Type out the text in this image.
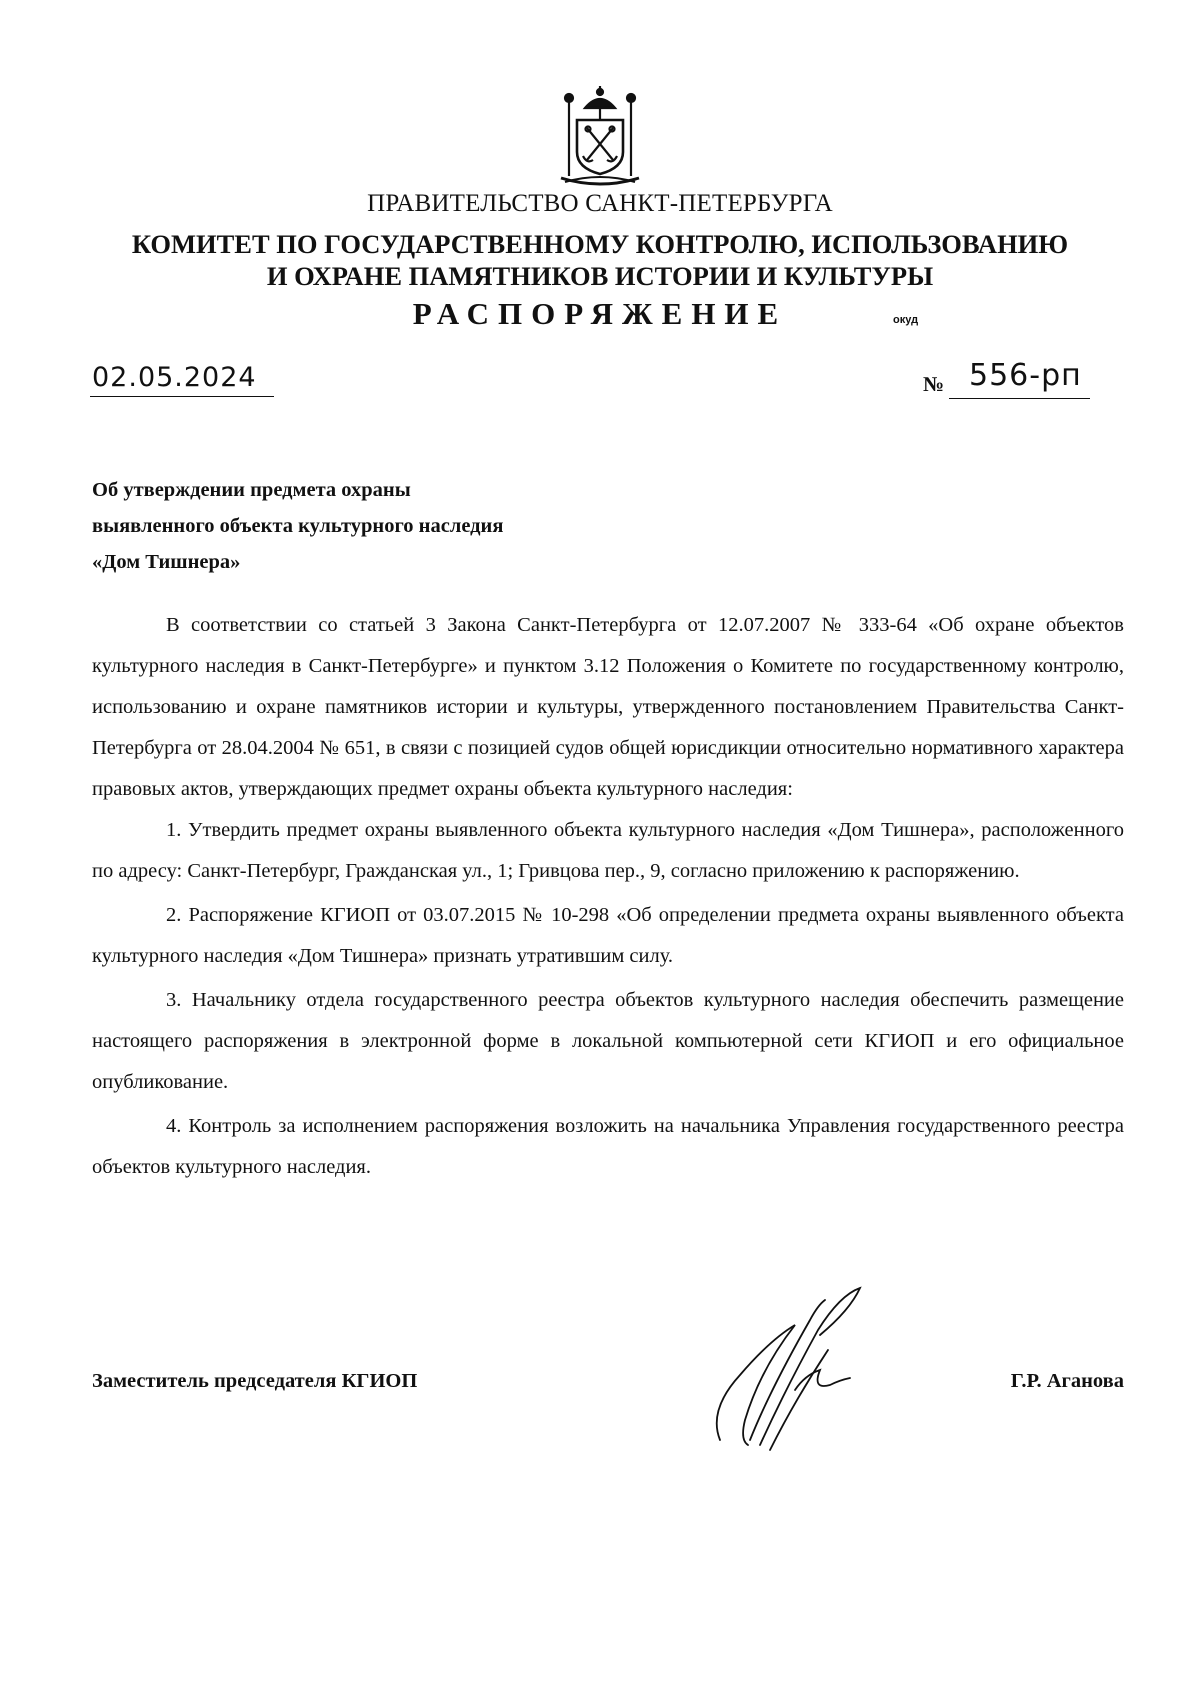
ПРАВИТЕЛЬСТВО САНКТ-ПЕТЕРБУРГА
КОМИТЕТ ПО ГОСУДАРСТВЕННОМУ КОНТРОЛЮ, ИСПОЛЬЗОВАНИЮ
И ОХРАНЕ ПАМЯТНИКОВ ИСТОРИИ И КУЛЬТУРЫ
РАСПОРЯЖЕНИЕ	окуд
02.05.2024	№ 556-рп
Об утверждении предмета охраны
выявленного объекта культурного наследия
«Дом Тишнера»

В соответствии со статьей 3 Закона Санкт-Петербурга от 12.07.2007 № 333-64 «Об охране объектов культурного наследия в Санкт-Петербурге» и пунктом 3.12 Положения о Комитете по государственному контролю, использованию и охране памятников истории и культуры, утвержденного постановлением Правительства Санкт-Петербурга от 28.04.2004 № 651, в связи с позицией судов общей юрисдикции относительно нормативного характера правовых актов, утверждающих предмет охраны объекта культурного наследия:

1. Утвердить предмет охраны выявленного объекта культурного наследия «Дом Тишнера», расположенного по адресу: Санкт-Петербург, Гражданская ул., 1; Гривцова пер., 9, согласно приложению к распоряжению.

2. Распоряжение КГИОП от 03.07.2015 № 10-298 «Об определении предмета охраны выявленного объекта культурного наследия «Дом Тишнера» признать утратившим силу.

3. Начальнику отдела государственного реестра объектов культурного наследия обеспечить размещение настоящего распоряжения в электронной форме в локальной компьютерной сети КГИОП и его официальное опубликование.

4. Контроль за исполнением распоряжения возложить на начальника Управления государственного реестра объектов культурного наследия.

Заместитель председателя КГИОП	Г.Р. Аганова
